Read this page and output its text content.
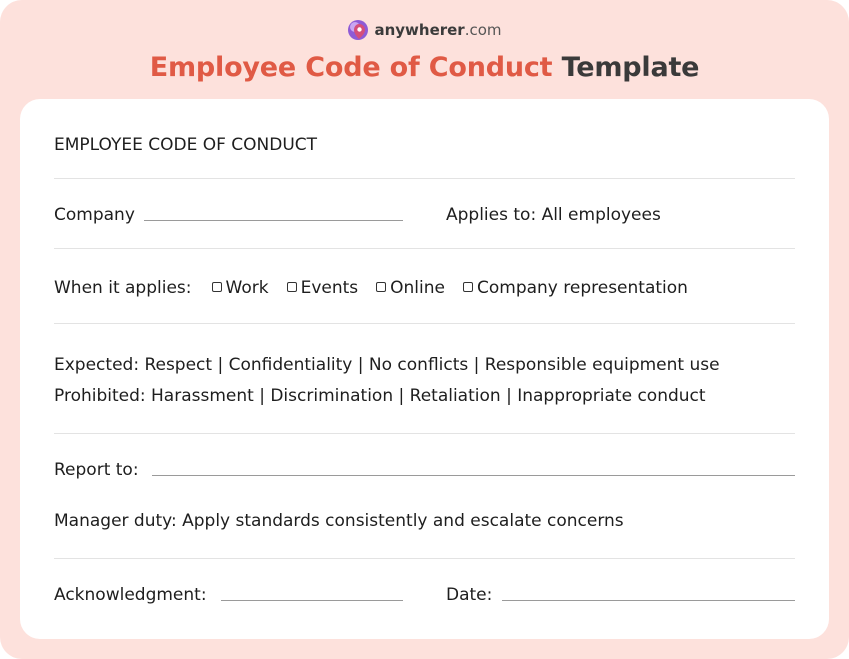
anywherer.com
Employee Code of Conduct Template
EMPLOYEE CODE OF CONDUCT
Company	Applies to: All employees
When it applies: Work Events Online Company representation
Expected: Respect | Confidentiality | No conflicts | Responsible equipment use
Prohibited: Harassment | Discrimination | Retaliation | Inappropriate conduct
Report to:
Manager duty: Apply standards consistently and escalate concerns
Acknowledgment:	Date:
